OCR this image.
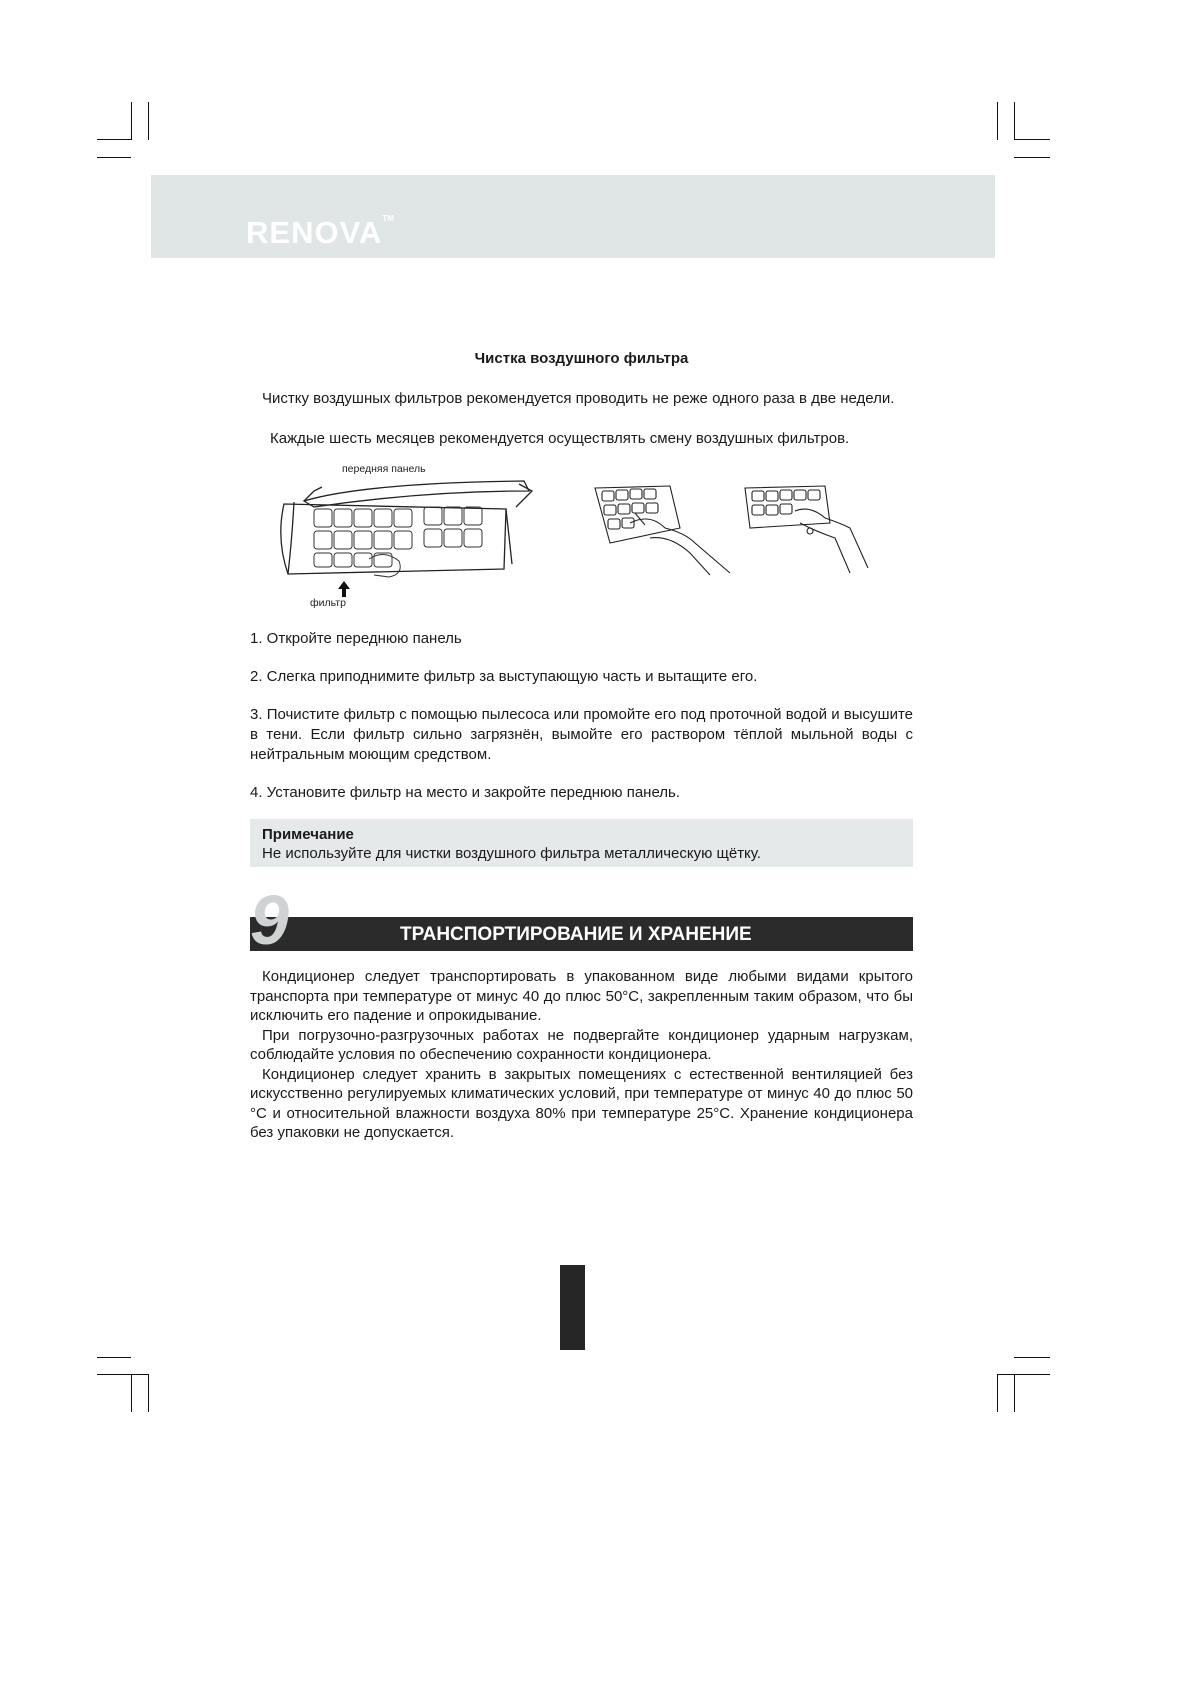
RENOVA™
Чистка воздушного фильтра

Чистку воздушных фильтров рекомендуется проводить не реже одного раза в две недели.

Каждые шесть месяцев рекомендуется осуществлять смену воздушных фильтров.

передняя панель
фильтр
1. Откройте переднюю панель
2. Слегка приподнимите фильтр за выступающую часть и вытащите его.
3. Почистите фильтр с помощью пылесоса или промойте его под проточной водой и высушите в тени. Если фильтр сильно загрязнён, вымойте его раствором тёплой мыльной воды с нейтральным моющим средством.
4. Установите фильтр на место и закройте переднюю панель.
Примечание
Не используйте для чистки воздушного фильтра металлическую щётку.
9	ТРАНСПОРТИРОВАНИЕ И ХРАНЕНИЕ

Кондиционер следует транспортировать в упакованном виде любыми видами крытого транспорта при температуре от минус 40 до плюс 50°С, закрепленным таким образом, что бы исключить его падение и опрокидывание.

При погрузочно-разгрузочных работах не подвергайте кондиционер ударным нагрузкам, соблюдайте условия по обеспечению сохранности кондиционера.

Кондиционер следует хранить в закрытых помещениях с естественной вентиляцией без искусственно регулируемых климатических условий, при температуре от минус 40 до плюс 50 °С и относительной влажности воздуха 80% при температуре 25°С. Хранение кондиционера без упаковки не допускается.
